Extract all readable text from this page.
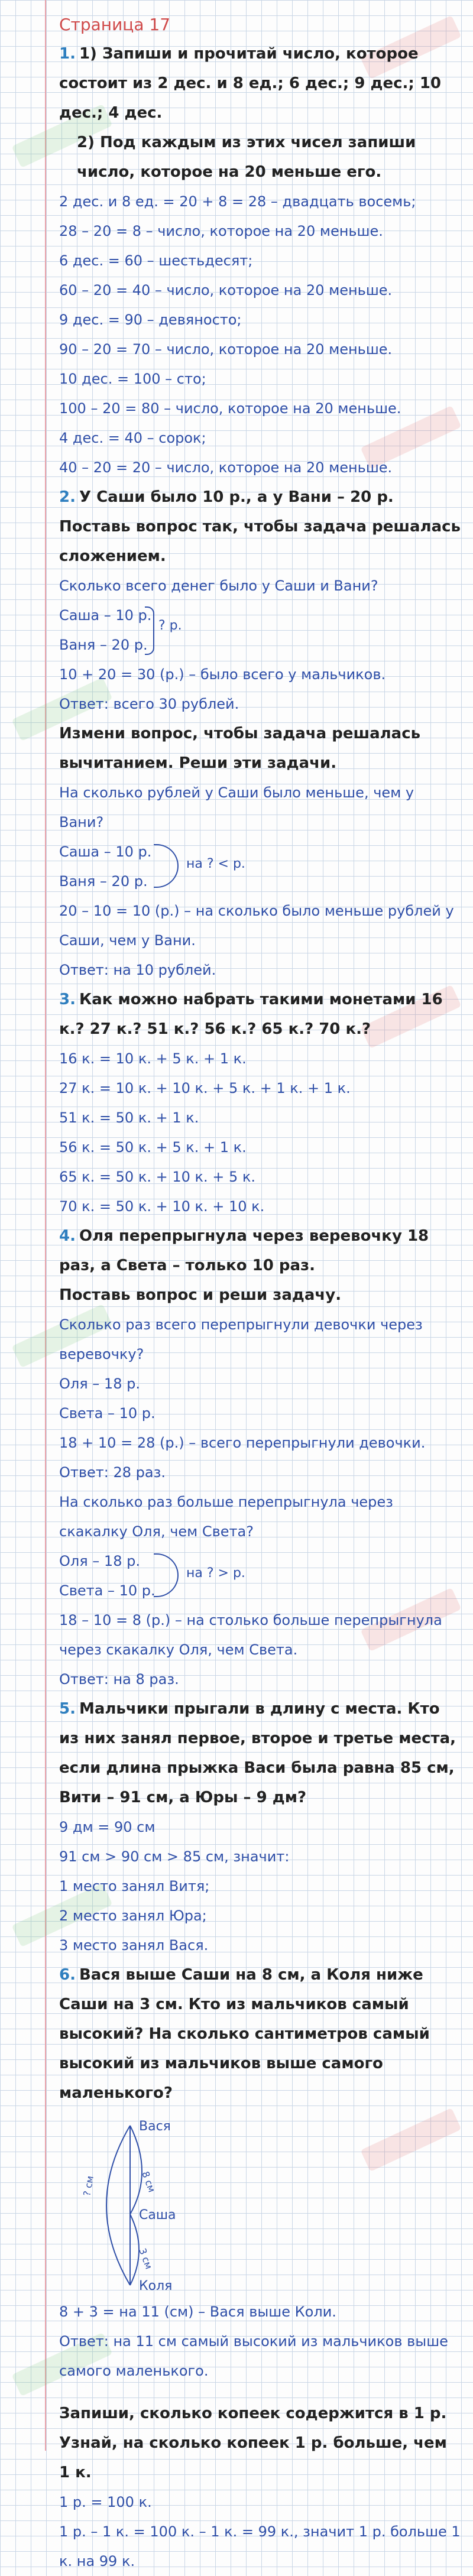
Страница 17
1. 1) Запиши и прочитай число, которое состоит из 2 дес. и 8 ед.; 6 дес.; 9 дес.; 10 дес.; 4 дес.
2) Под каждым из этих чисел запиши число, которое на 20 меньше его.
2 дес. и 8 ед. = 20 + 8 = 28 – двадцать восемь;
28 – 20 = 8 – число, которое на 20 меньше.
6 дес. = 60 – шестьдесят;
60 – 20 = 40 – число, которое на 20 меньше.
9 дес. = 90 – девяносто;
90 – 20 = 70 – число, которое на 20 меньше.
10 дес. = 100 – сто;
100 – 20 = 80 – число, которое на 20 меньше.
4 дес. = 40 – сорок;
40 – 20 = 20 – число, которое на 20 меньше.
2. У Саши было 10 р., а у Вани – 20 р. Поставь вопрос так, чтобы задача решалась сложением.
Сколько всего денег было у Саши и Вани?
Саша – 10 р.
Ваня – 20 р.
? р.
10 + 20 = 30 (р.) – было всего у мальчиков.
Ответ: всего 30 рублей.
Измени вопрос, чтобы задача решалась вычитанием. Реши эти задачи.
На сколько рублей у Саши было меньше, чем у Вани?
Саша – 10 р.
Ваня – 20 р.
на ? < р.
20 – 10 = 10 (р.) – на сколько было меньше рублей у Саши, чем у Вани.
Ответ: на 10 рублей.
3. Как можно набрать такими монетами 16 к.? 27 к.? 51 к.? 56 к.? 65 к.? 70 к.?
16 к. = 10 к. + 5 к. + 1 к.
27 к. = 10 к. + 10 к. + 5 к. + 1 к. + 1 к.
51 к. = 50 к. + 1 к.
56 к. = 50 к. + 5 к. + 1 к.
65 к. = 50 к. + 10 к. + 5 к.
70 к. = 50 к. + 10 к. + 10 к.
4. Оля перепрыгнула через веревочку 18 раз, а Света – только 10 раз.
Поставь вопрос и реши задачу.
Сколько раз всего перепрыгнули девочки через веревочку?
Оля – 18 р.
Света – 10 р.
18 + 10 = 28 (р.) – всего перепрыгнули девочки.
Ответ: 28 раз.
На сколько раз больше перепрыгнула через скакалку Оля, чем Света?
Оля – 18 р.
Света – 10 р.
на ? > р.
18 – 10 = 8 (р.) – на столько больше перепрыгнула через скакалку Оля, чем Света.
Ответ: на 8 раз.
5. Мальчики прыгали в длину с места. Кто из них занял первое, второе и третье места, если длина прыжка Васи была равна 85 см, Вити – 91 см, а Юры – 9 дм?
9 дм = 90 см
91 см > 90 см > 85 см, значит:
1 место занял Витя;
2 место занял Юра;
3 место занял Вася.
6. Вася выше Саши на 8 см, а Коля ниже Саши на 3 см. Кто из мальчиков самый высокий? На сколько сантиметров самый высокий из мальчиков выше самого маленького?
Вася
Саша
Коля
8 см
3 см
? см
8 + 3 = на 11 (см) – Вася выше Коли.
Ответ: на 11 см самый высокий из мальчиков выше самого маленького.
Запиши, сколько копеек содержится в 1 р.
Узнай, на сколько копеек 1 р. больше, чем 1 к.
1 р. = 100 к.
1 р. – 1 к. = 100 к. – 1 к. = 99 к., значит 1 р. больше 1 к. на 99 к.
